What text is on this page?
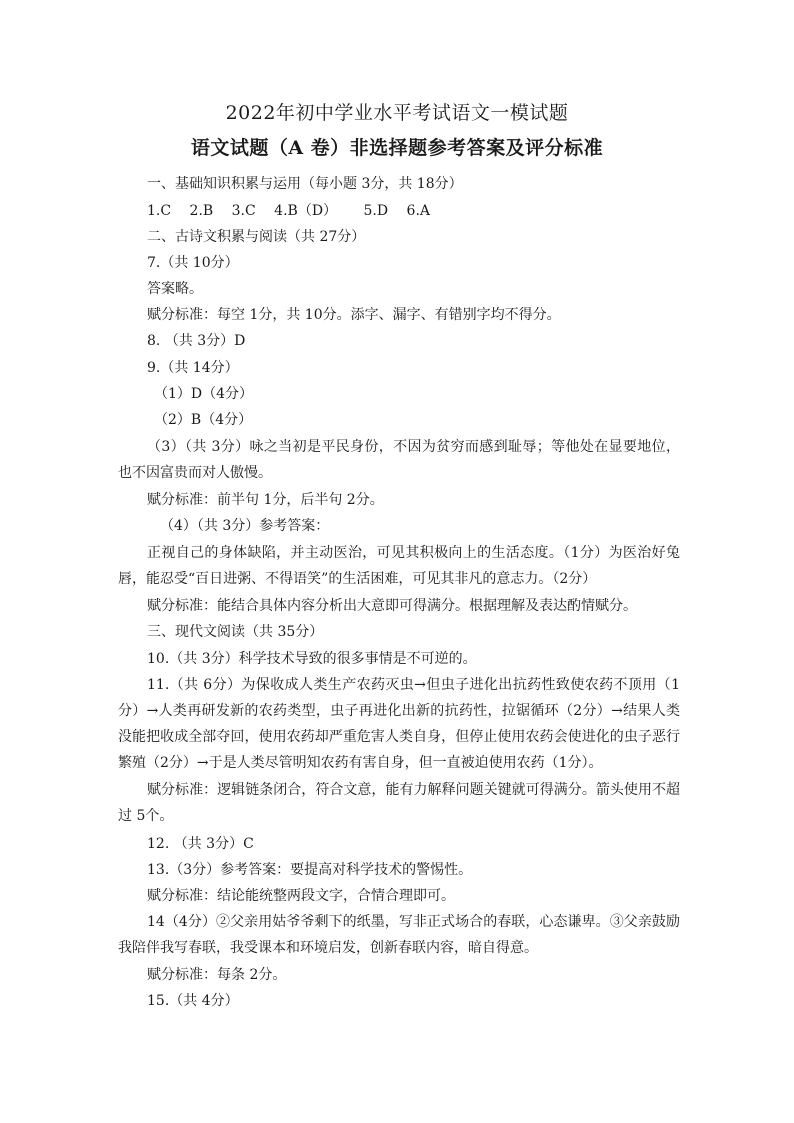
2022年初中学业水平考试语文一模试题
语文试题（A 卷）非选择题参考答案及评分标准
一、基础知识积累与运用（每小题 3分，共 18分）
1.C 2.B 3.C 4.B（D） 5.D 6.A
二、古诗文积累与阅读（共 27分）
7.（共 10分）
答案略。
赋分标准：每空 1分，共 10分。添字、漏字、有错别字均不得分。
8. （共 3分）D
9.（共 14分）
（1）D（4分）
（2）B（4分）
（3）（共 3分）咏之当初是平民身份，不因为贫穷而感到耻辱；等他处在显要地位，也不因富贵而对人傲慢。
赋分标准：前半句 1分，后半句 2分。
（4）（共 3分）参考答案：
正视自己的身体缺陷，并主动医治，可见其积极向上的生活态度。（1分）为医治好兔唇，能忍受“百日进粥、不得语笑”的生活困难，可见其非凡的意志力。（2分）
赋分标准：能结合具体内容分析出大意即可得满分。根据理解及表达酌情赋分。
三、现代文阅读（共 35分）
10.（共 3分）科学技术导致的很多事情是不可逆的。
11.（共 6分）为保收成人类生产农药灭虫→但虫子进化出抗药性致使农药不顶用（1分）→人类再研发新的农药类型，虫子再进化出新的抗药性，拉锯循环（2分）→结果人类没能把收成全部夺回，使用农药却严重危害人类自身，但停止使用农药会使进化的虫子恶行繁殖（2分）→于是人类尽管明知农药有害自身，但一直被迫使用农药（1分）。
赋分标准：逻辑链条闭合，符合文意，能有力解释问题关键就可得满分。箭头使用不超过 5个。
12. （共 3分）C
13.（3分）参考答案：要提高对科学技术的警惕性。
赋分标准：结论能统整两段文字，合情合理即可。
14（4分）②父亲用姑爷爷剩下的纸墨，写非正式场合的春联，心态谦卑。③父亲鼓励我陪伴我写春联，我受课本和环境启发，创新春联内容，暗自得意。
赋分标准：每条 2分。
15.（共 4分）
